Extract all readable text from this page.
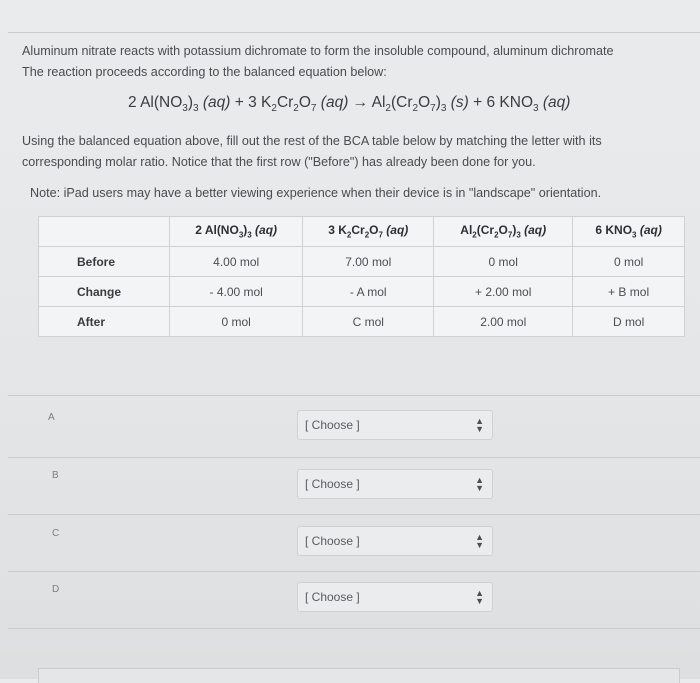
Aluminum nitrate reacts with potassium dichromate to form the insoluble compound, aluminum dichromate
The reaction proceeds according to the balanced equation below:
2 $Al(NO_3)_3$ (aq) + 3 $K_2Cr_2O_7$ $(aq) \to Al_2(Cr_2O_7)_3$ (s) + 6 $KNO_3$ (aq)
Using the balanced equation above, fill out the rest of the BCA table below by matching the letter with its
corresponding molar ratio. Notice that the first row ("Before") has already been done for you.
Note: iPad users may have a better viewing experience when their device is in "landscape" orientation.
	2 $Al(NO_3)_3$ (aq)	3 $K_2Cr_2O_7$ (aq)	$Al_2(Cr_2O_7)_3$ (aq)	6 $KNO_3$ (aq)
Before	4.00 mol	7.00 mol	0 mol	0 mol
Change	- 4.00 mol	- A mol	+ 2.00 mol	+ B mol
After	0 mol	C mol	2.00 mol	D mol
A
[ Choose ]	▲
▼
B
[ Choose ]	▲
▼
C
[ Choose ]	▲
▼
D
[ Choose ]	▲
▼
